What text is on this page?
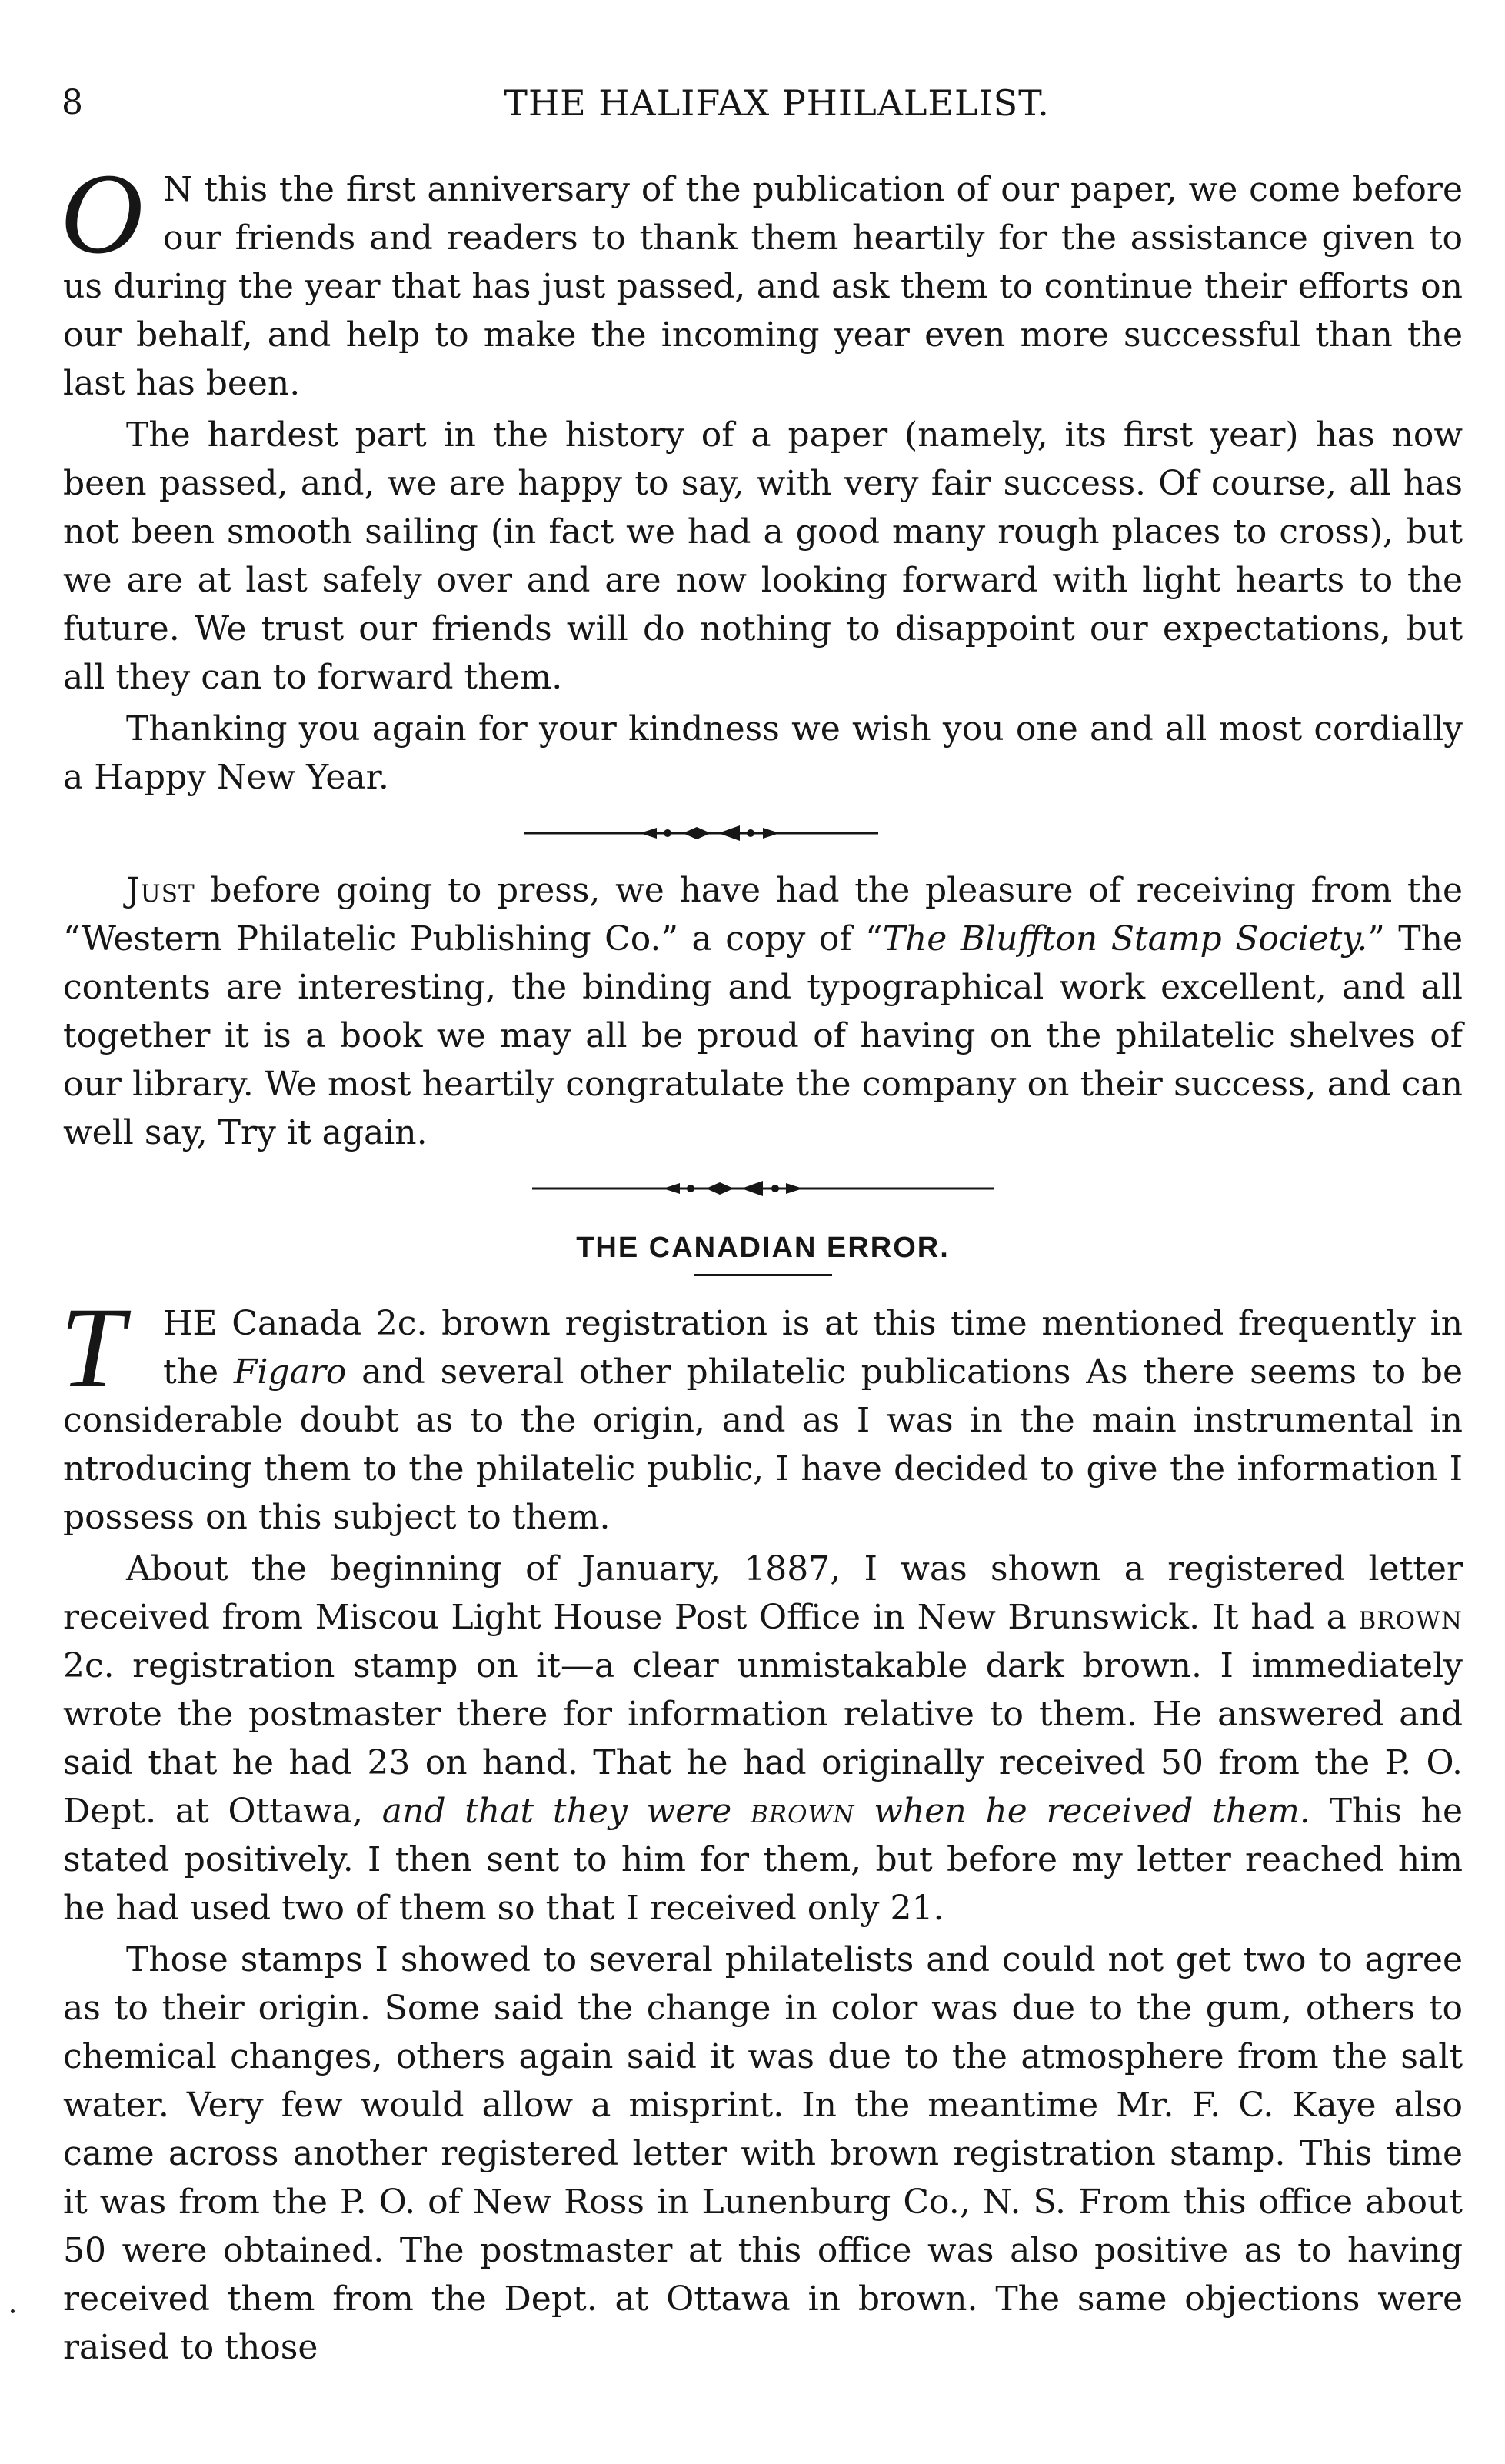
8	THE HALIFAX PHILALELIST.

O N this the first anniversary of the publication of our paper, we come before our friends and readers to thank them heartily for the assistance given to us during the year that has just passed, and ask them to continue their efforts on our behalf, and help to make the incoming year even more successful than the last has been.

The hardest part in the history of a paper (namely, its first year) has now been passed, and, we are happy to say, with very fair success. Of course, all has not been smooth sailing (in fact we had a good many rough places to cross), but we are at last safely over and are now looking forward with light hearts to the future. We trust our friends will do nothing to disappoint our expectations, but all they can to forward them.

Thanking you again for your kindness we wish you one and all most cordially a Happy New Year.

Just before going to press, we have had the pleasure of receiving from the “Western Philatelic Publishing Co.” a copy of “The Bluffton Stamp Society.” The contents are interesting, the binding and typographical work excellent, and all together it is a book we may all be proud of having on the philatelic shelves of our library. We most heartily congratulate the company on their success, and can well say, Try it again.

THE CANADIAN ERROR.

T	HE Canada 2c. brown registration is at this time mentioned frequently in the Figaro and several other philatelic publications As there seems to be considerable doubt as to the origin, and as I was in the main instrumental in ntroducing them to the philatelic public, I have decided to give the information I possess on this subject to them.

About the beginning of January, 1887, I was shown a registered letter received from Miscou Light House Post Office in New Brunswick. It had a brown 2c. registration stamp on it—a clear unmistakable dark brown. I immediately wrote the postmaster there for information relative to them. He answered and said that he had 23 on hand. That he had originally received 50 from the P. O. Dept. at Ottawa, and that they were brown when he received them. This he stated positively. I then sent to him for them, but before my letter reached him he had used two of them so that I received only 21.

Those stamps I showed to several philatelists and could not get two to agree as to their origin. Some said the change in color was due to the gum, others to chemical changes, others again said it was due to the atmosphere from the salt water. Very few would allow a misprint. In the meantime Mr. F. C. Kaye also came across another registered letter with brown registration stamp. This time it was from the P. O. of New Ross in Lunenburg Co., N. S. From this office about 50 were obtained. The postmaster at this office was also positive as to having received them from the Dept. at Ottawa in brown. The same objections were raised to those
